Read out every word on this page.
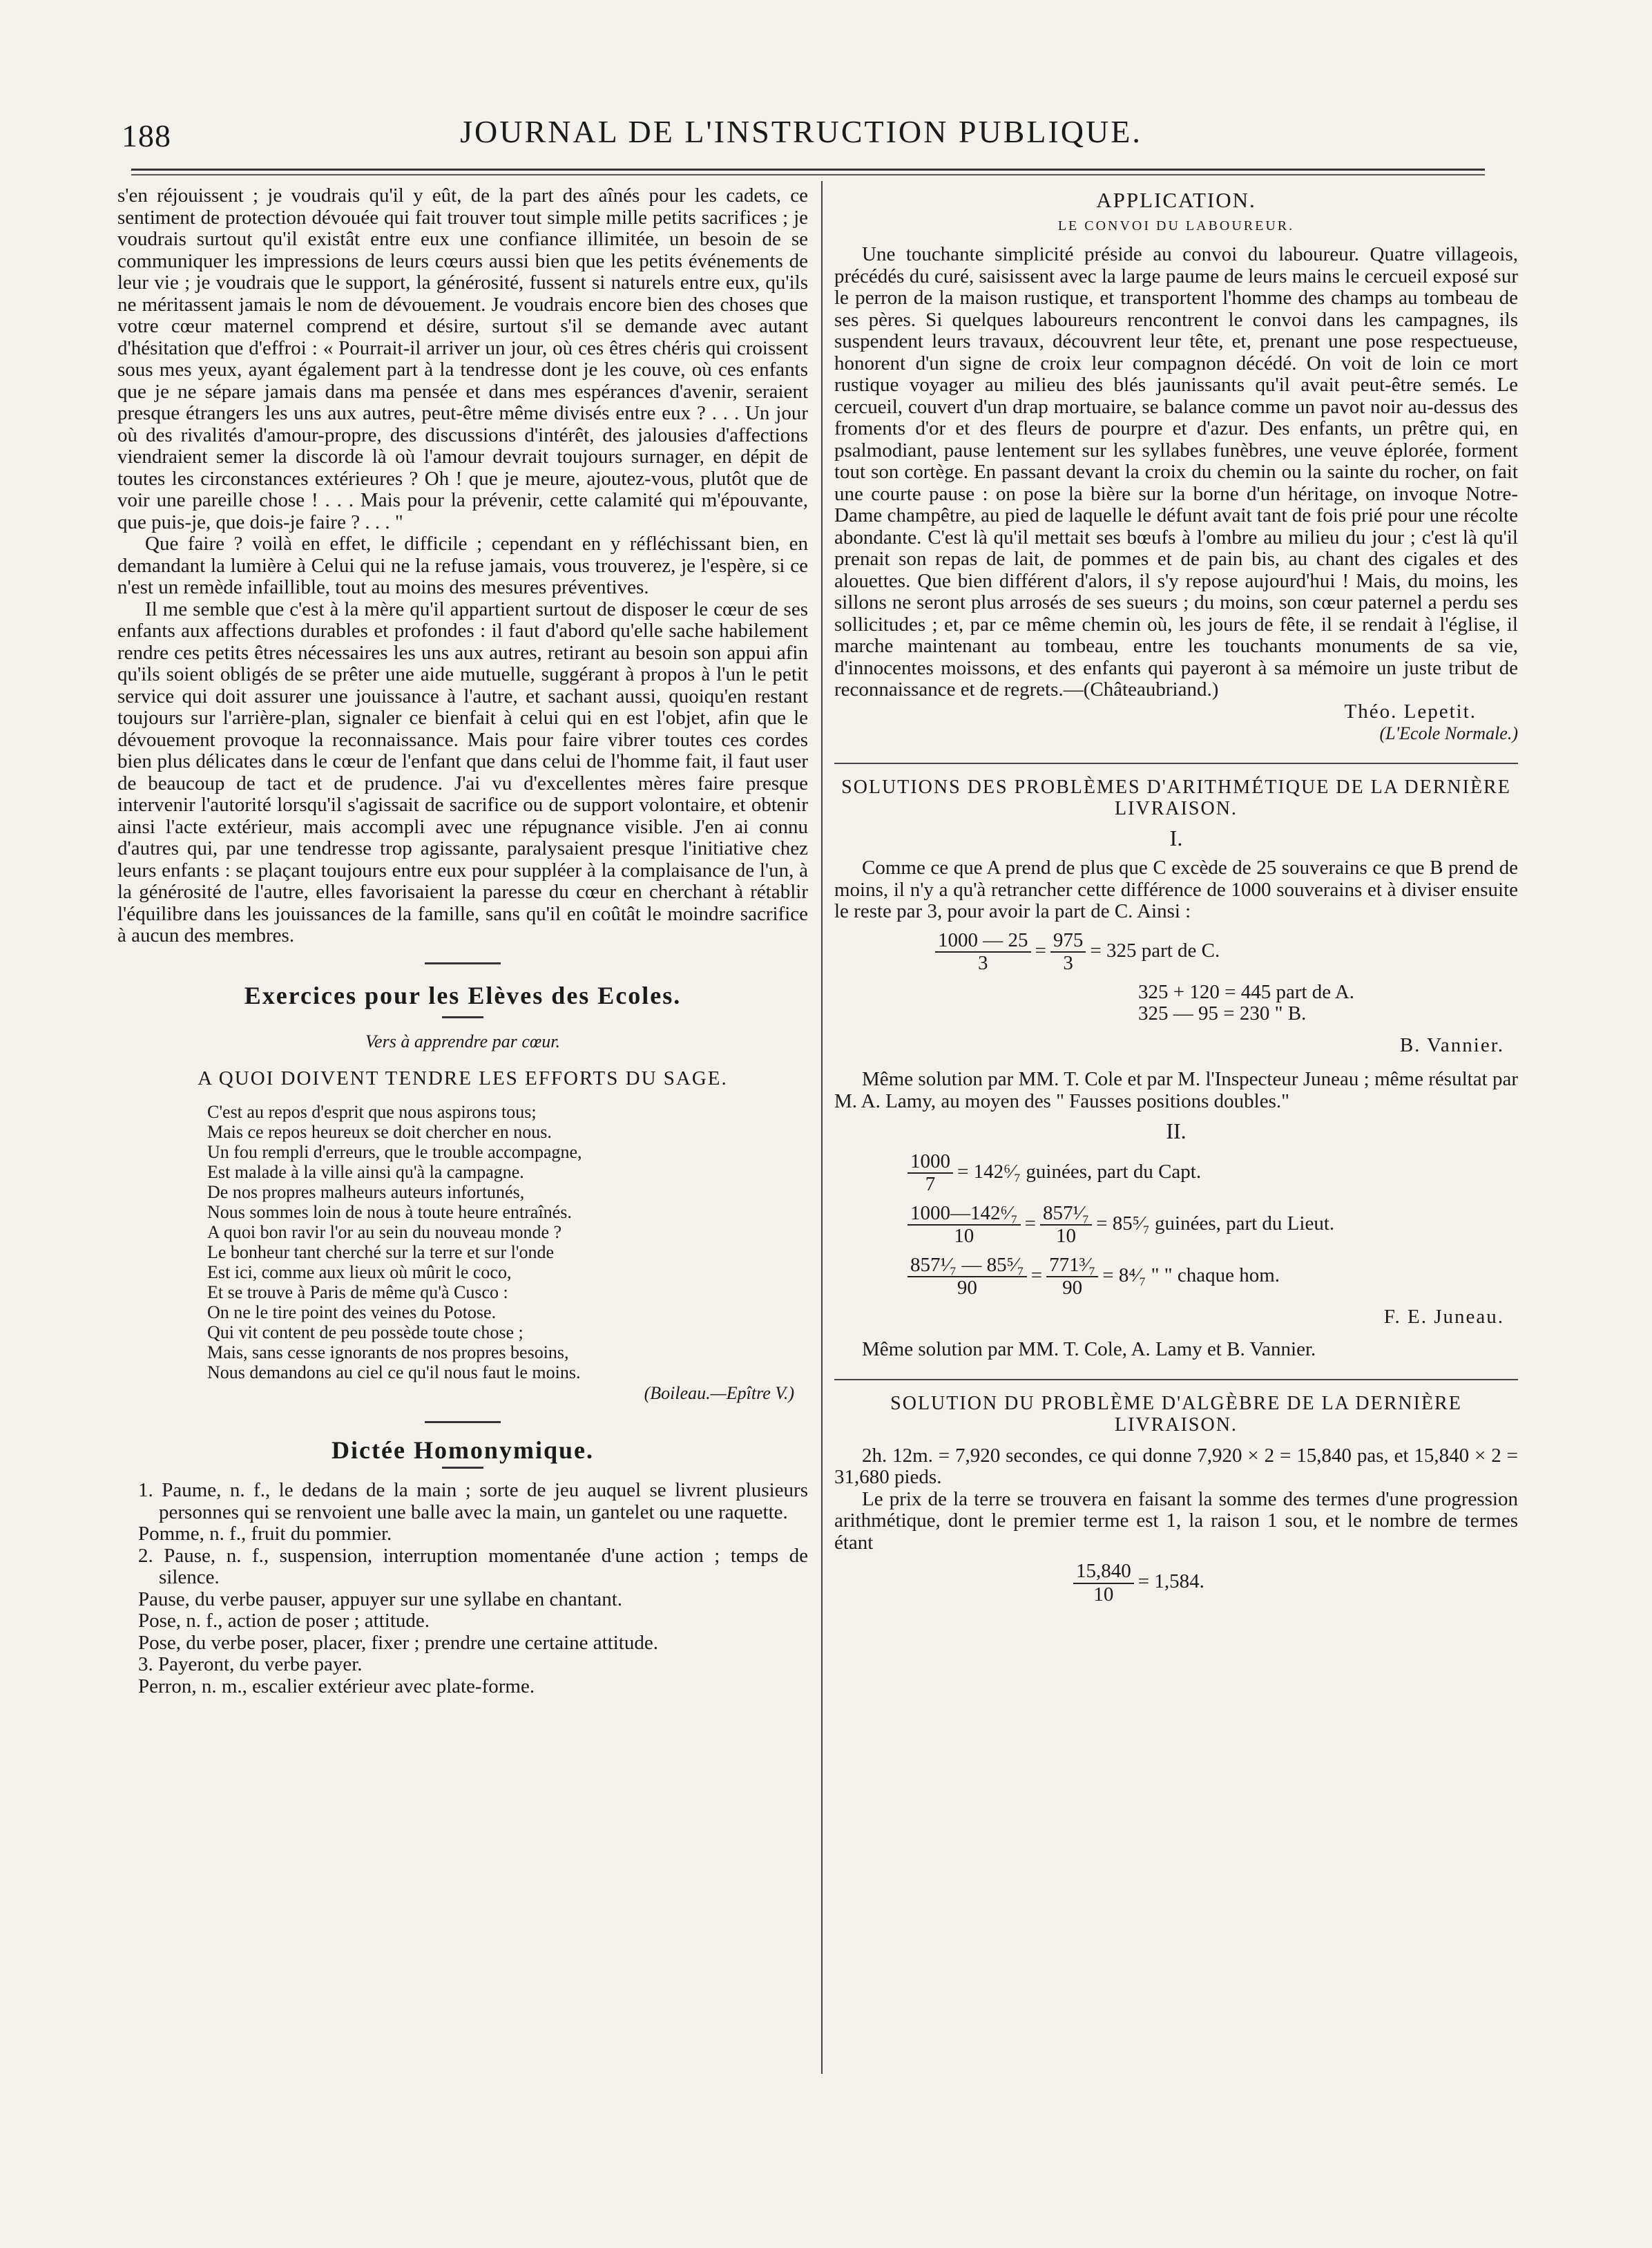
188	JOURNAL DE L'INSTRUCTION PUBLIQUE.

s'en réjouissent ; je voudrais qu'il y eût, de la part des aînés pour les cadets, ce sentiment de protection dévouée qui fait trouver tout simple mille petits sacrifices ; je voudrais surtout qu'il existât entre eux une confiance illimitée, un besoin de se communiquer les impressions de leurs cœurs aussi bien que les petits événements de leur vie ; je voudrais que le support, la générosité, fussent si naturels entre eux, qu'ils ne méritassent jamais le nom de dévouement. Je voudrais encore bien des choses que votre cœur maternel comprend et désire, surtout s'il se demande avec autant d'hésitation que d'effroi : « Pourrait-il arriver un jour, où ces êtres chéris qui croissent sous mes yeux, ayant également part à la tendresse dont je les couve, où ces enfants que je ne sépare jamais dans ma pensée et dans mes espérances d'avenir, seraient presque étrangers les uns aux autres, peut-être même divisés entre eux ? . . . Un jour où des rivalités d'amour-propre, des discussions d'intérêt, des jalousies d'affections viendraient semer la discorde là où l'amour devrait toujours surnager, en dépit de toutes les circonstances extérieures ? Oh ! que je meure, ajoutez-vous, plutôt que de voir une pareille chose ! . . . Mais pour la prévenir, cette calamité qui m'épouvante, que puis-je, que dois-je faire ? . . . "

Que faire ? voilà en effet, le difficile ; cependant en y réfléchissant bien, en demandant la lumière à Celui qui ne la refuse jamais, vous trouverez, je l'espère, si ce n'est un remède infaillible, tout au moins des mesures préventives.

Il me semble que c'est à la mère qu'il appartient surtout de disposer le cœur de ses enfants aux affections durables et profondes : il faut d'abord qu'elle sache habilement rendre ces petits êtres nécessaires les uns aux autres, retirant au besoin son appui afin qu'ils soient obligés de se prêter une aide mutuelle, suggérant à propos à l'un le petit service qui doit assurer une jouissance à l'autre, et sachant aussi, quoiqu'en restant toujours sur l'arrière-plan, signaler ce bienfait à celui qui en est l'objet, afin que le dévouement provoque la reconnaissance. Mais pour faire vibrer toutes ces cordes bien plus délicates dans le cœur de l'enfant que dans celui de l'homme fait, il faut user de beaucoup de tact et de prudence. J'ai vu d'excellentes mères faire presque intervenir l'autorité lorsqu'il s'agissait de sacrifice ou de support volontaire, et obtenir ainsi l'acte extérieur, mais accompli avec une répugnance visible. J'en ai connu d'autres qui, par une tendresse trop agissante, paralysaient presque l'initiative chez leurs enfants : se plaçant toujours entre eux pour suppléer à la complaisance de l'un, à la générosité de l'autre, elles favorisaient la paresse du cœur en cherchant à rétablir l'équilibre dans les jouissances de la famille, sans qu'il en coûtât le moindre sacrifice à aucun des membres.

Exercices pour les Elèves des Ecoles.
Vers à apprendre par cœur.
A QUOI DOIVENT TENDRE LES EFFORTS DU SAGE.
C'est au repos d'esprit que nous aspirons tous;
Mais ce repos heureux se doit chercher en nous.
Un fou rempli d'erreurs, que le trouble accompagne,
Est malade à la ville ainsi qu'à la campagne.
De nos propres malheurs auteurs infortunés,
Nous sommes loin de nous à toute heure entraînés.
A quoi bon ravir l'or au sein du nouveau monde ?
Le bonheur tant cherché sur la terre et sur l'onde
Est ici, comme aux lieux où mûrit le coco,
Et se trouve à Paris de même qu'à Cusco :
On ne le tire point des veines du Potose.
Qui vit content de peu possède toute chose ;
Mais, sans cesse ignorants de nos propres besoins,
Nous demandons au ciel ce qu'il nous faut le moins.
(Boileau.—Epître V.)
Dictée Homonymique.

1. Paume, n. f., le dedans de la main ; sorte de jeu auquel se livrent plusieurs personnes qui se renvoient une balle avec la main, un gantelet ou une raquette.

Pomme, n. f., fruit du pommier.

2. Pause, n. f., suspension, interruption momentanée d'une action ; temps de silence.

Pause, du verbe pauser, appuyer sur une syllabe en chantant.

Pose, n. f., action de poser ; attitude.

Pose, du verbe poser, placer, fixer ; prendre une certaine attitude.

3. Payeront, du verbe payer.

Perron, n. m., escalier extérieur avec plate-forme.

APPLICATION.
LE CONVOI DU LABOUREUR.

Une touchante simplicité préside au convoi du laboureur. Quatre villageois, précédés du curé, saisissent avec la large paume de leurs mains le cercueil exposé sur le perron de la maison rustique, et transportent l'homme des champs au tombeau de ses pères. Si quelques laboureurs rencontrent le convoi dans les campagnes, ils suspendent leurs travaux, découvrent leur tête, et, prenant une pose respectueuse, honorent d'un signe de croix leur compagnon décédé. On voit de loin ce mort rustique voyager au milieu des blés jaunissants qu'il avait peut-être semés. Le cercueil, couvert d'un drap mortuaire, se balance comme un pavot noir au-dessus des froments d'or et des fleurs de pourpre et d'azur. Des enfants, un prêtre qui, en psalmodiant, pause lentement sur les syllabes funèbres, une veuve éplorée, forment tout son cortège. En passant devant la croix du chemin ou la sainte du rocher, on fait une courte pause : on pose la bière sur la borne d'un héritage, on invoque Notre-Dame champêtre, au pied de laquelle le défunt avait tant de fois prié pour une récolte abondante. C'est là qu'il mettait ses bœufs à l'ombre au milieu du jour ; c'est là qu'il prenait son repas de lait, de pommes et de pain bis, au chant des cigales et des alouettes. Que bien différent d'alors, il s'y repose aujourd'hui ! Mais, du moins, les sillons ne seront plus arrosés de ses sueurs ; du moins, son cœur paternel a perdu ses sollicitudes ; et, par ce même chemin où, les jours de fête, il se rendait à l'église, il marche maintenant au tombeau, entre les touchants monuments de sa vie, d'innocentes moissons, et des enfants qui payeront à sa mémoire un juste tribut de reconnaissance et de regrets.—(Châteaubriand.)

Théo. Lepetit.
(L'Ecole Normale.)
SOLUTIONS DES PROBLÈMES D'ARITHMÉTIQUE DE LA DERNIÈRE LIVRAISON.
I.

Comme ce que A prend de plus que C excède de 25 souverains ce que B prend de moins, il n'y a qu'à retrancher cette différence de 1000 souverains et à diviser ensuite le reste par 3, pour avoir la part de C. Ainsi :

$\frac{1000 — 25}{3} = \frac{975}{3} = 325$ part de C.
325 + 120 = 445 part de A.
325 — 95 = 230 " B.
B. Vannier.

Même solution par MM. T. Cole et par M. l'Inspecteur Juneau ; même résultat par M. A. Lamy, au moyen des " Fausses positions doubles."

II.
$\frac{1000}{7}$ = 142⁶⁄₇ guinées, part du Capt.
$\frac{\text{1000—142⁶⁄₇}}{10} = \frac{\text{857¹⁄₇}}{10}$ = 85⁵⁄₇ guinées, part du Lieut.
$\frac{\text{857¹⁄₇ — 85⁵⁄₇}}{90} = \frac{\text{771³⁄₇}}{90}$ = 8⁴⁄₇ " " chaque hom.
F. E. Juneau.

Même solution par MM. T. Cole, A. Lamy et B. Vannier.

SOLUTION DU PROBLÈME D'ALGÈBRE DE LA DERNIÈRE LIVRAISON.

2h. 12m. = 7,920 secondes, ce qui donne 7,920 × 2 = 15,840 pas, et 15,840 × 2 = 31,680 pieds.

Le prix de la terre se trouvera en faisant la somme des termes d'une progression arithmétique, dont le premier terme est 1, la raison 1 sou, et le nombre de termes étant

$\frac{15,840}{10} = 1,584$.
